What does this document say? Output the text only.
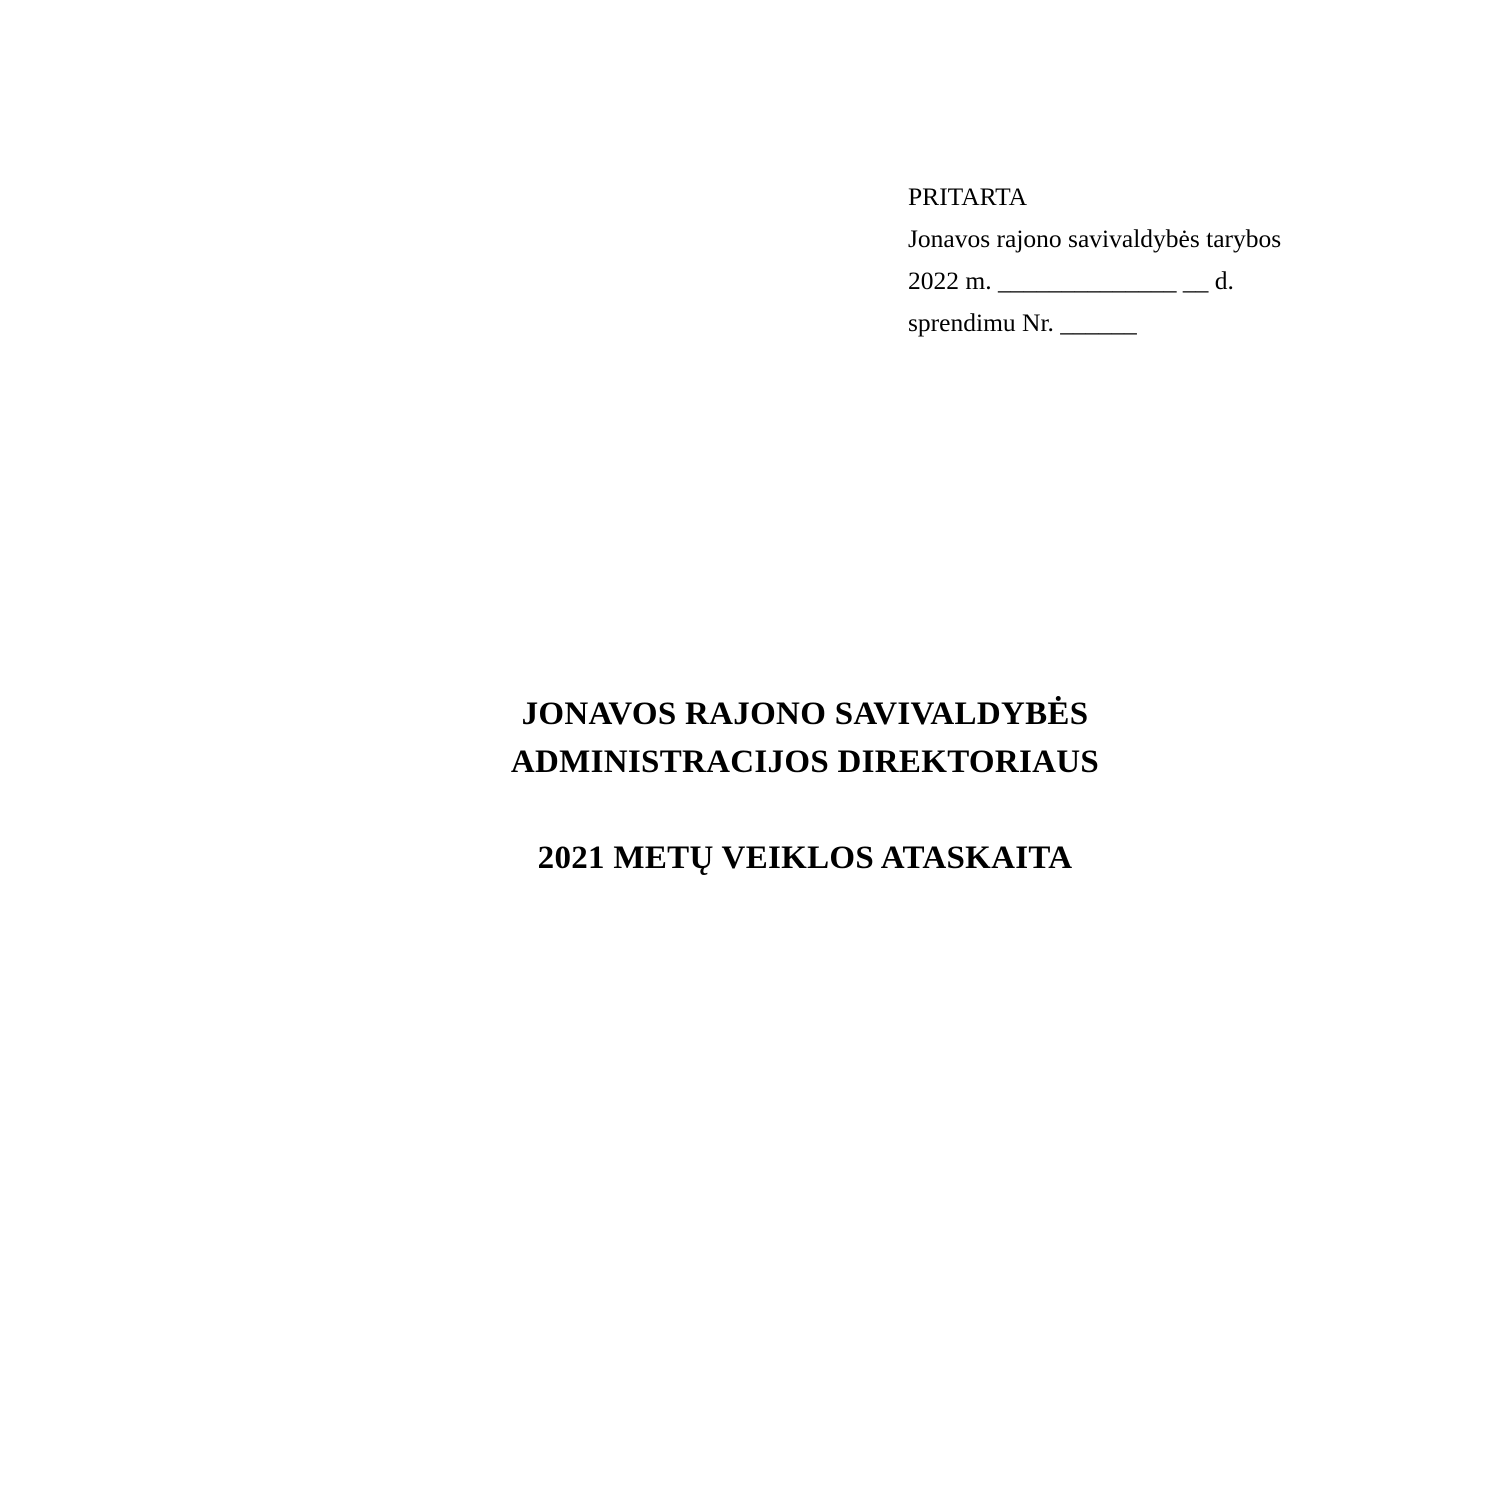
PRITARTA
Jonavos rajono savivaldybės tarybos
2022 m. ______________ __ d.
sprendimu Nr. ______
JONAVOS RAJONO SAVIVALDYBĖS
ADMINISTRACIJOS DIREKTORIAUS
2021 METŲ VEIKLOS ATASKAITA
